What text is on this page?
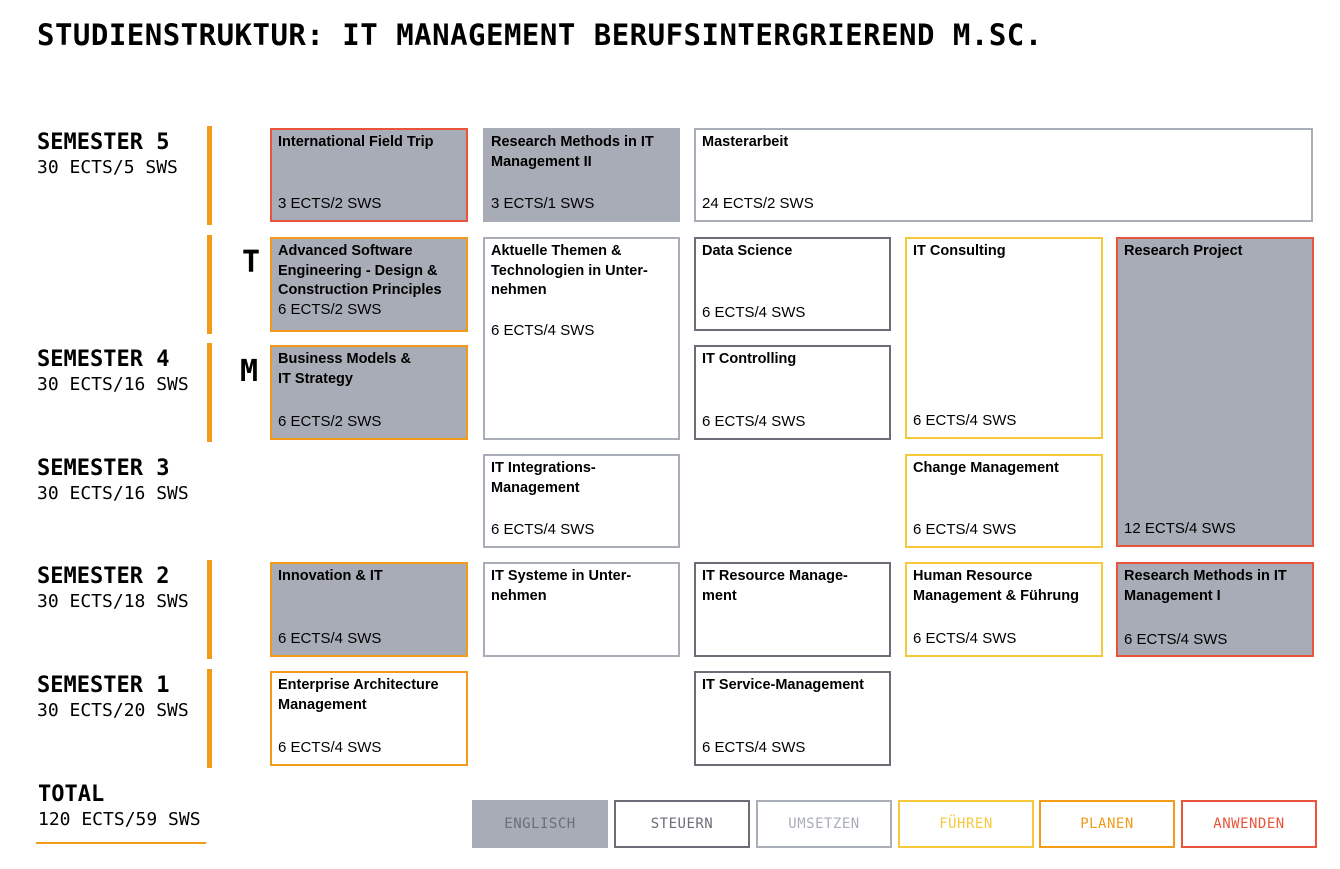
STUDIENSTRUKTUR: IT MANAGEMENT BERUFSINTERGRIEREND M.SC.
SEMESTER 5
30 ECTS/5 SWS
SEMESTER 4
30 ECTS/16 SWS
SEMESTER 3
30 ECTS/16 SWS
SEMESTER 2
30 ECTS/18 SWS
SEMESTER 1
30 ECTS/20 SWS
T
M
International Field Trip
3 ECTS/2 SWS
Research Methods in IT Management II
3 ECTS/1 SWS
Masterarbeit
24 ECTS/2 SWS
Advanced Software Engineering - Design & Construction Principles
6 ECTS/2 SWS
Aktuelle Themen & Technologien in Unter-nehmen
6 ECTS/4 SWS
Data Science
6 ECTS/4 SWS
IT Consulting
6 ECTS/4 SWS
Research Project
12 ECTS/4 SWS
Business Models & IT Strategy
6 ECTS/2 SWS
IT Controlling
6 ECTS/4 SWS
IT Integrations-Management
6 ECTS/4 SWS
Change Management
6 ECTS/4 SWS
Innovation & IT
6 ECTS/4 SWS
IT Systeme in Unter-nehmen
IT Resource Manage-ment
Human Resource Management & Führung
6 ECTS/4 SWS
Research Methods in IT Management I
6 ECTS/4 SWS
Enterprise Architecture Management
6 ECTS/4 SWS
IT Service-Management
6 ECTS/4 SWS
TOTAL
120 ECTS/59 SWS	ENGLISCH	STEUERN	UMSETZEN	FÜHREN	PLANEN	ANWENDEN
